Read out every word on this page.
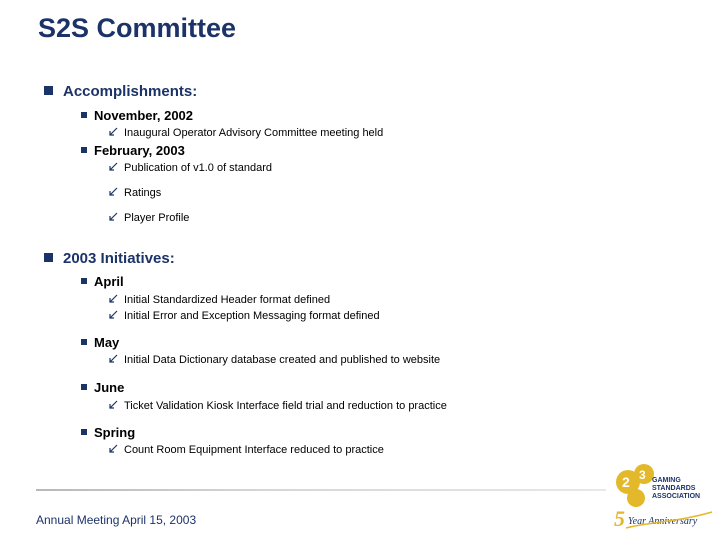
S2S Committee
Accomplishments:
November, 2002
Inaugural Operator Advisory Committee meeting held
February, 2003
Publication of v1.0 of standard
Ratings
Player Profile
2003 Initiatives:
April
Initial Standardized Header format defined
Initial Error and Exception Messaging format defined
May
Initial Data Dictionary database created and published to website
June
Ticket Validation Kiosk Interface field trial and reduction to practice
Spring
Count Room Equipment Interface reduced to practice
Annual Meeting April 15, 2003
2 3 GAMING
STANDARDS
ASSOCIATION
5 Year Anniversary
